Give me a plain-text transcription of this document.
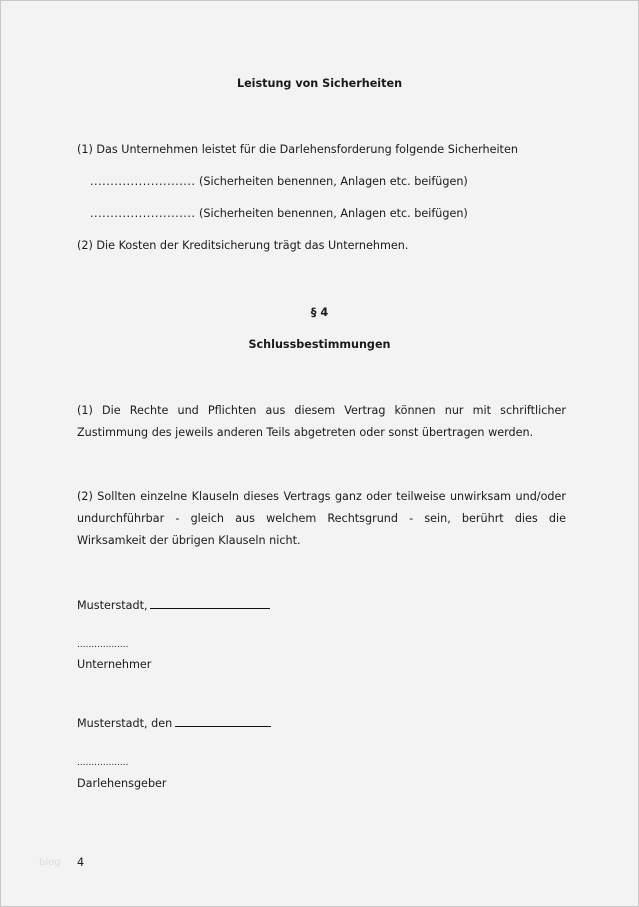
Leistung von Sicherheiten
(1) Das Unternehmen leistet für die Darlehensforderung folgende Sicherheiten
.......................... (Sicherheiten benennen, Anlagen etc. beifügen)
.......................... (Sicherheiten benennen, Anlagen etc. beifügen)
(2) Die Kosten der Kreditsicherung trägt das Unternehmen.
§ 4
Schlussbestimmungen
(1) Die Rechte und Pflichten aus diesem Vertrag können nur mit schriftlicher
Zustimmung des jeweils anderen Teils abgetreten oder sonst übertragen werden.
(2) Sollten einzelne Klauseln dieses Vertrags ganz oder teilweise unwirksam und/oder
undurchführbar - gleich aus welchem Rechtsgrund - sein, berührt dies die
Wirksamkeit der übrigen Klauseln nicht.
Musterstadt,
..................
Unternehmer
Musterstadt, den
..................
Darlehensgeber
blog 4
